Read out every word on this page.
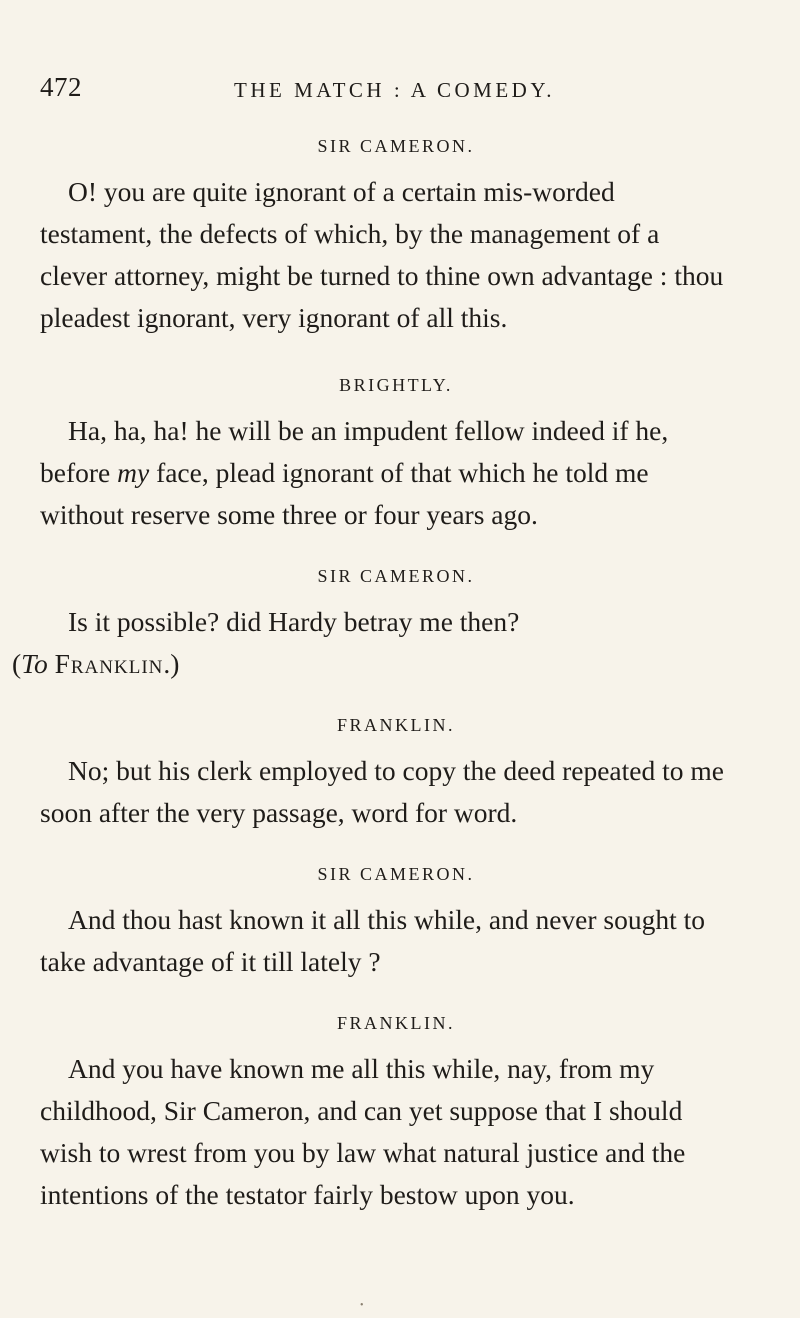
472	THE MATCH : A COMEDY.
SIR CAMERON.

O! you are quite ignorant of a certain mis-worded testament, the defects of which, by the management of a clever attorney, might be turned to thine own advantage : thou pleadest ignorant, very ignorant of all this.

BRIGHTLY.

Ha, ha, ha! he will be an impudent fellow indeed if he, before my face, plead ignorant of that which he told me without reserve some three or four years ago.

SIR CAMERON.

Is it possible? did Hardy betray me then?
(To Franklin.)

FRANKLIN.

No; but his clerk employed to copy the deed repeated to me soon after the very passage, word for word.

SIR CAMERON.

And thou hast known it all this while, and never sought to take advantage of it till lately ?

FRANKLIN.

And you have known me all this while, nay, from my childhood, Sir Cameron, and can yet suppose that I should wish to wrest from you by law what natural justice and the intentions of the testator fairly bestow upon you.

•
